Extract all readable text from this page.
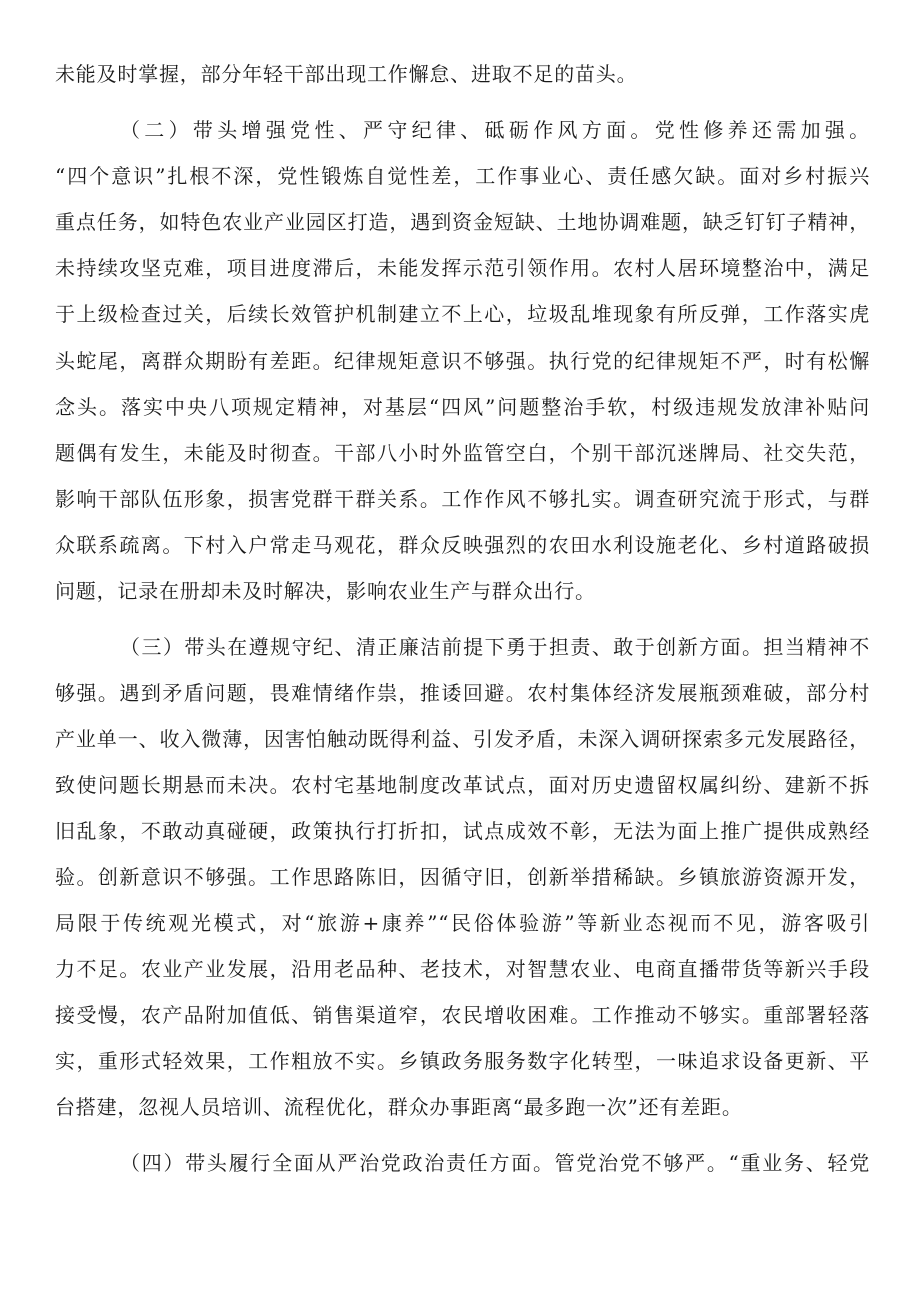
未能及时掌握，部分年轻干部出现工作懈怠、进取不足的苗头。
（二）带头增强党性、严守纪律、砥砺作风方面。党性修养还需加强。
“四个意识”扎根不深，党性锻炼自觉性差，工作事业心、责任感欠缺。面对乡村振兴
重点任务，如特色农业产业园区打造，遇到资金短缺、土地协调难题，缺乏钉钉子精神，
未持续攻坚克难，项目进度滞后，未能发挥示范引领作用。农村人居环境整治中，满足
于上级检查过关，后续长效管护机制建立不上心，垃圾乱堆现象有所反弹，工作落实虎
头蛇尾，离群众期盼有差距。纪律规矩意识不够强。执行党的纪律规矩不严，时有松懈
念头。落实中央八项规定精神，对基层“四风”问题整治手软，村级违规发放津补贴问
题偶有发生，未能及时彻查。干部八小时外监管空白，个别干部沉迷牌局、社交失范，
影响干部队伍形象，损害党群干群关系。工作作风不够扎实。调查研究流于形式，与群
众联系疏离。下村入户常走马观花，群众反映强烈的农田水利设施老化、乡村道路破损
问题，记录在册却未及时解决，影响农业生产与群众出行。
（三）带头在遵规守纪、清正廉洁前提下勇于担责、敢于创新方面。担当精神不
够强。遇到矛盾问题，畏难情绪作祟，推诿回避。农村集体经济发展瓶颈难破，部分村
产业单一、收入微薄，因害怕触动既得利益、引发矛盾，未深入调研探索多元发展路径，
致使问题长期悬而未决。农村宅基地制度改革试点，面对历史遗留权属纠纷、建新不拆
旧乱象，不敢动真碰硬，政策执行打折扣，试点成效不彰，无法为面上推广提供成熟经
验。创新意识不够强。工作思路陈旧，因循守旧，创新举措稀缺。乡镇旅游资源开发，
局限于传统观光模式，对“旅游+康养”“民俗体验游”等新业态视而不见，游客吸引
力不足。农业产业发展，沿用老品种、老技术，对智慧农业、电商直播带货等新兴手段
接受慢，农产品附加值低、销售渠道窄，农民增收困难。工作推动不够实。重部署轻落
实，重形式轻效果，工作粗放不实。乡镇政务服务数字化转型，一味追求设备更新、平
台搭建，忽视人员培训、流程优化，群众办事距离“最多跑一次”还有差距。
（四）带头履行全面从严治党政治责任方面。管党治党不够严。“重业务、轻党
